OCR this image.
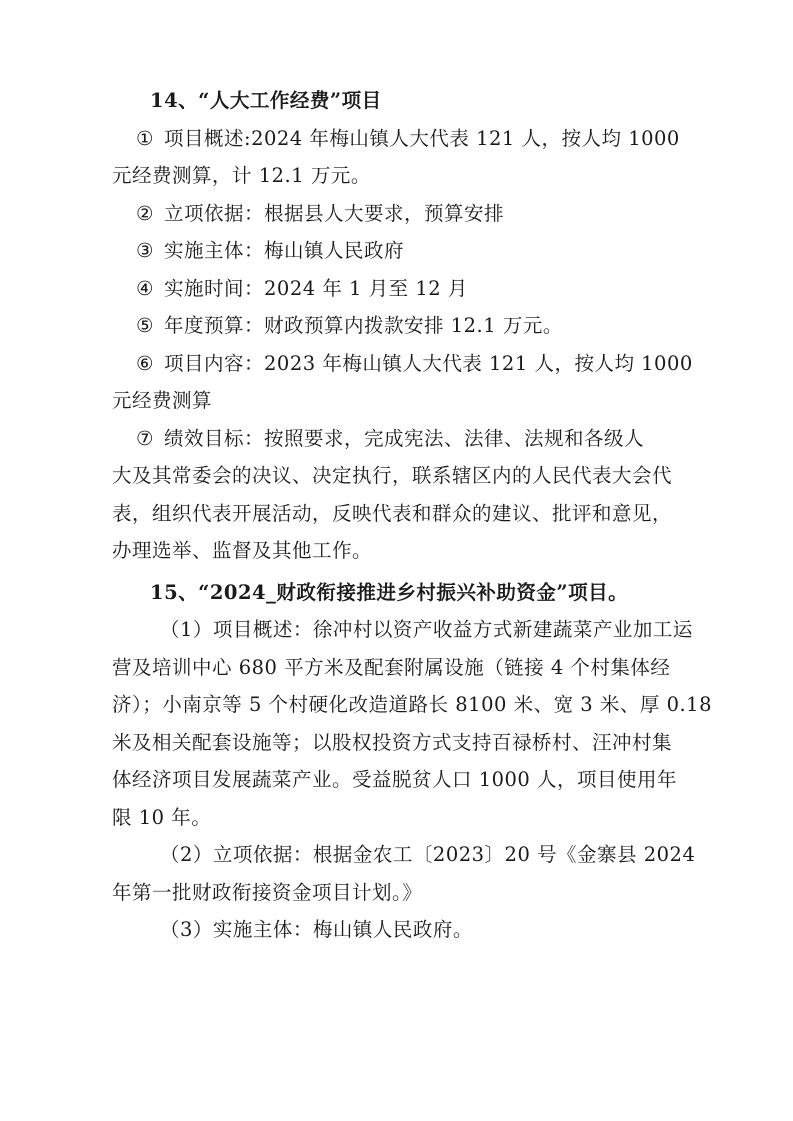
14、“人大工作经费”项目
① 项目概述:2024 年梅山镇人大代表 121 人，按人均 1000
元经费测算，计 12.1 万元。
② 立项依据：根据县人大要求，预算安排
③ 实施主体：梅山镇人民政府
④ 实施时间：2024 年 1 月至 12 月
⑤ 年度预算：财政预算内拨款安排 12.1 万元。
⑥ 项目内容：2023 年梅山镇人大代表 121 人，按人均 1000
元经费测算
⑦ 绩效目标：按照要求，完成宪法、法律、法规和各级人
大及其常委会的决议、决定执行，联系辖区内的人民代表大会代
表，组织代表开展活动，反映代表和群众的建议、批评和意见，
办理选举、监督及其他工作。
15、“2024_财政衔接推进乡村振兴补助资金”项目。
（1）项目概述：徐冲村以资产收益方式新建蔬菜产业加工运
营及培训中心 680 平方米及配套附属设施（链接 4 个村集体经
济）；小南京等 5 个村硬化改造道路长 8100 米、宽 3 米、厚 0.18
米及相关配套设施等；以股权投资方式支持百禄桥村、汪冲村集
体经济项目发展蔬菜产业。受益脱贫人口 1000 人，项目使用年
限 10 年。
（2）立项依据：根据金农工〔2023〕20 号《金寨县 2024
年第一批财政衔接资金项目计划。》
（3）实施主体：梅山镇人民政府。
